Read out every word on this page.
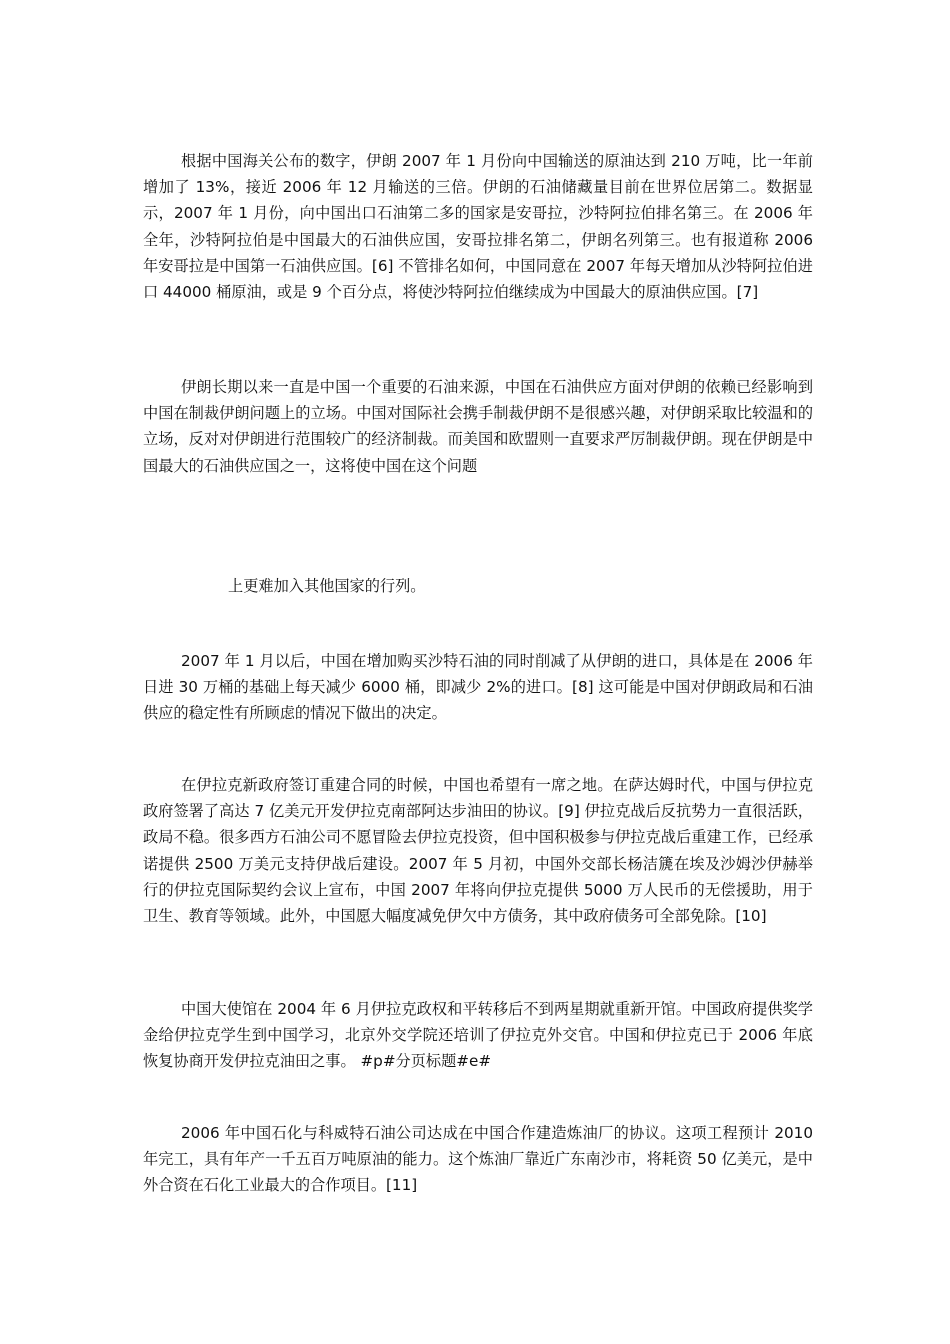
根据中国海关公布的数字，伊朗 2007 年 1 月份向中国输送的原油达到 210 万吨，比一年前增加了 13%，接近 2006 年 12 月输送的三倍。伊朗的石油储藏量目前在世界位居第二。数据显示，2007 年 1 月份，向中国出口石油第二多的国家是安哥拉，沙特阿拉伯排名第三。在 2006 年全年，沙特阿拉伯是中国最大的石油供应国，安哥拉排名第二，伊朗名列第三。也有报道称 2006 年安哥拉是中国第一石油供应国。[6] 不管排名如何，中国同意在 2007 年每天增加从沙特阿拉伯进口 44000 桶原油，或是 9 个百分点，将使沙特阿拉伯继续成为中国最大的原油供应国。[7]

伊朗长期以来一直是中国一个重要的石油来源，中国在石油供应方面对伊朗的依赖已经影响到中国在制裁伊朗问题上的立场。中国对国际社会携手制裁伊朗不是很感兴趣，对伊朗采取比较温和的立场，反对对伊朗进行范围较广的经济制裁。而美国和欧盟则一直要求严厉制裁伊朗。现在伊朗是中国最大的石油供应国之一，这将使中国在这个问题

上更难加入其他国家的行列。

2007 年 1 月以后，中国在增加购买沙特石油的同时削减了从伊朗的进口，具体是在 2006 年日进 30 万桶的基础上每天减少 6000 桶，即减少 2%的进口。[8] 这可能是中国对伊朗政局和石油供应的稳定性有所顾虑的情况下做出的决定。

在伊拉克新政府签订重建合同的时候，中国也希望有一席之地。在萨达姆时代，中国与伊拉克政府签署了高达 7 亿美元开发伊拉克南部阿达步油田的协议。[9] 伊拉克战后反抗势力一直很活跃，政局不稳。很多西方石油公司不愿冒险去伊拉克投资，但中国积极参与伊拉克战后重建工作，已经承诺提供 2500 万美元支持伊战后建设。2007 年 5 月初，中国外交部长杨洁篪在埃及沙姆沙伊赫举行的伊拉克国际契约会议上宣布，中国 2007 年将向伊拉克提供 5000 万人民币的无偿援助，用于卫生、教育等领域。此外，中国愿大幅度减免伊欠中方债务，其中政府债务可全部免除。[10]

中国大使馆在 2004 年 6 月伊拉克政权和平转移后不到两星期就重新开馆。中国政府提供奖学金给伊拉克学生到中国学习，北京外交学院还培训了伊拉克外交官。中国和伊拉克已于 2006 年底恢复协商开发伊拉克油田之事。 #p#分页标题#e#

2006 年中国石化与科威特石油公司达成在中国合作建造炼油厂的协议。这项工程预计 2010 年完工，具有年产一千五百万吨原油的能力。这个炼油厂靠近广东南沙市，将耗资 50 亿美元，是中外合资在石化工业最大的合作项目。[11]
